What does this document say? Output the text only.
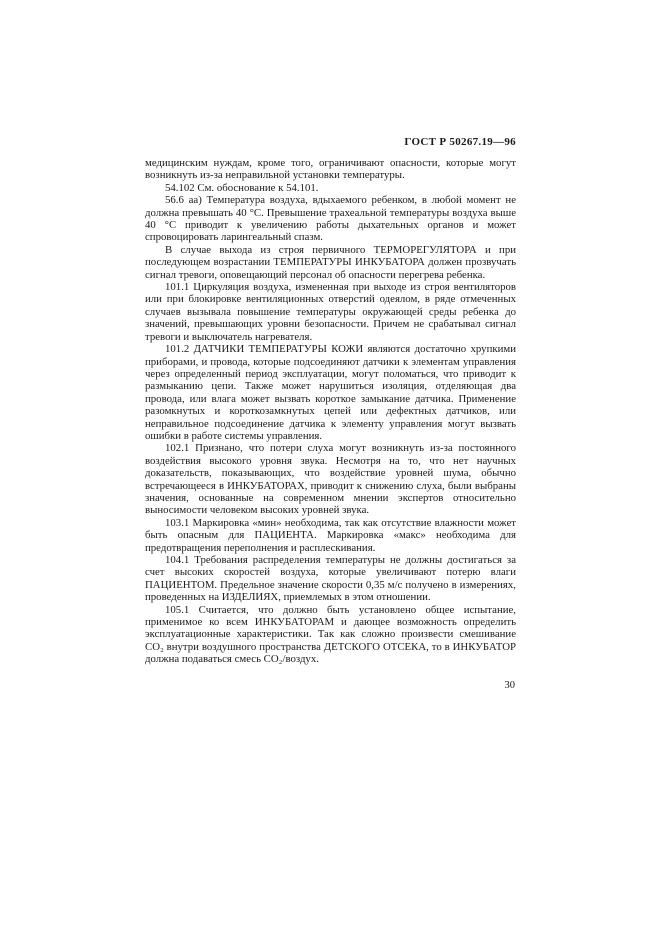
ГОСТ Р 50267.19—96

медицинским нуждам, кроме того, ограничивают опасности, которые могут возникнуть из-за неправильной установки температуры.

54.102 См. обоснование к 54.101.

56.6 аа) Температура воздуха, вдыхаемого ребенком, в любой момент не должна превышать 40 °С. Превышение трахеальной температуры воздуха выше 40 °С приводит к увеличению работы дыхательных органов и может спровоцировать ларингеальный спазм.

В случае выхода из строя первичного ТЕРМОРЕГУЛЯТОРА и при последующем возрастании ТЕМПЕРАТУРЫ ИНКУБАТОРА должен прозвучать сигнал тревоги, оповещающий персонал об опасности перегрева ребенка.

101.1 Циркуляция воздуха, измененная при выходе из строя вентиляторов или при блокировке вентиляционных отверстий одеялом, в ряде отмеченных случаев вызывала повышение температуры окружающей среды ребенка до значений, превышающих уровни безопасности. Причем не срабатывал сигнал тревоги и выключатель нагревателя.

101.2 ДАТЧИКИ ТЕМПЕРАТУРЫ КОЖИ являются достаточно хрупкими приборами, и провода, которые подсоединяют датчики к элементам управления через определенный период эксплуатации, могут поломаться, что приводит к размыканию цепи. Также может нарушиться изоляция, отделяющая два провода, или влага может вызвать короткое замыкание датчика. Применение разомкнутых и короткозамкнутых цепей или дефектных датчиков, или неправильное подсоединение датчика к элементу управления могут вызвать ошибки в работе системы управления.

102.1 Признано, что потери слуха могут возникнуть из-за постоянного воздействия высокого уровня звука. Несмотря на то, что нет научных доказательств, показывающих, что воздействие уровней шума, обычно встречающееся в ИНКУБАТОРАХ, приводит к снижению слуха, были выбраны значения, основанные на современном мнении экспертов относительно выносимости человеком высоких уровней звука.

103.1 Маркировка «мин» необходима, так как отсутствие влажности может быть опасным для ПАЦИЕНТА. Маркировка «макс» необходима для предотвращения переполнения и расплескивания.

104.1 Требования распределения температуры не должны достигаться за счет высоких скоростей воздуха, которые увеличивают потерю влаги ПАЦИЕНТОМ. Предельное значение скорости 0,35 м/с получено в измерениях, проведенных на ИЗДЕЛИЯХ, приемлемых в этом отношении.

105.1 Считается, что должно быть установлено общее испытание, применимое ко всем ИНКУБАТОРАМ и дающее возможность определить эксплуатационные характеристики. Так как сложно произвести смешивание CO₂ внутри воздушного пространства ДЕТСКОГО ОТСЕКА, то в ИНКУБАТОР должна подаваться смесь CO₂/воздух.

30
